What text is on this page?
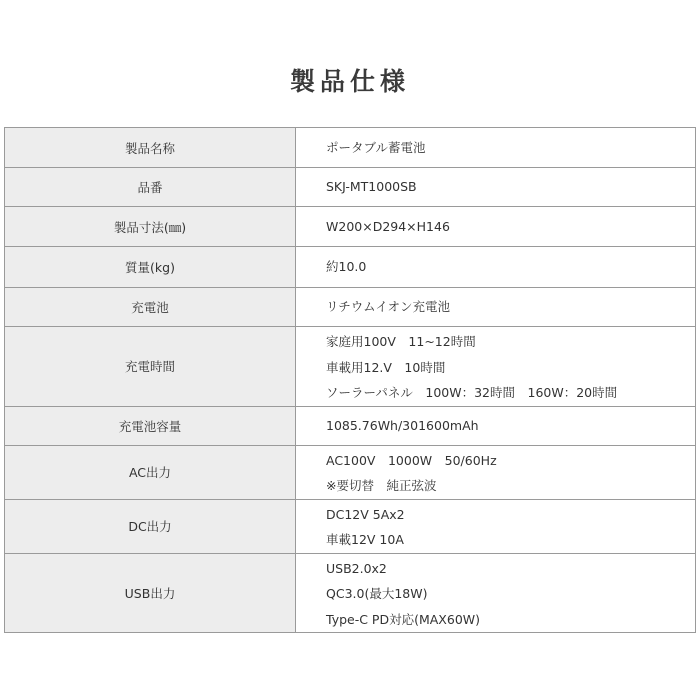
製品仕様
製品名称	ポータブル蓄電池

品番	SKJ-MT1000SB

製品寸法(㎜)	W200×D294×H146

質量(kg)	約10.0

充電池	リチウムイオン充電池

充電時間	家庭用100V　11~12時間
車載用12.V　10時間
ソーラーパネル　100W：32時間　160W：20時間

充電池容量	1085.76Wh/301600mAh

AC出力	AC100V　1000W　50/60Hz
※要切替　純正弦波

DC出力	DC12V 5Ax2
車載12V 10A

USB出力	USB2.0x2
QC3.0(最大18W)
Type-C PD対応(MAX60W)
